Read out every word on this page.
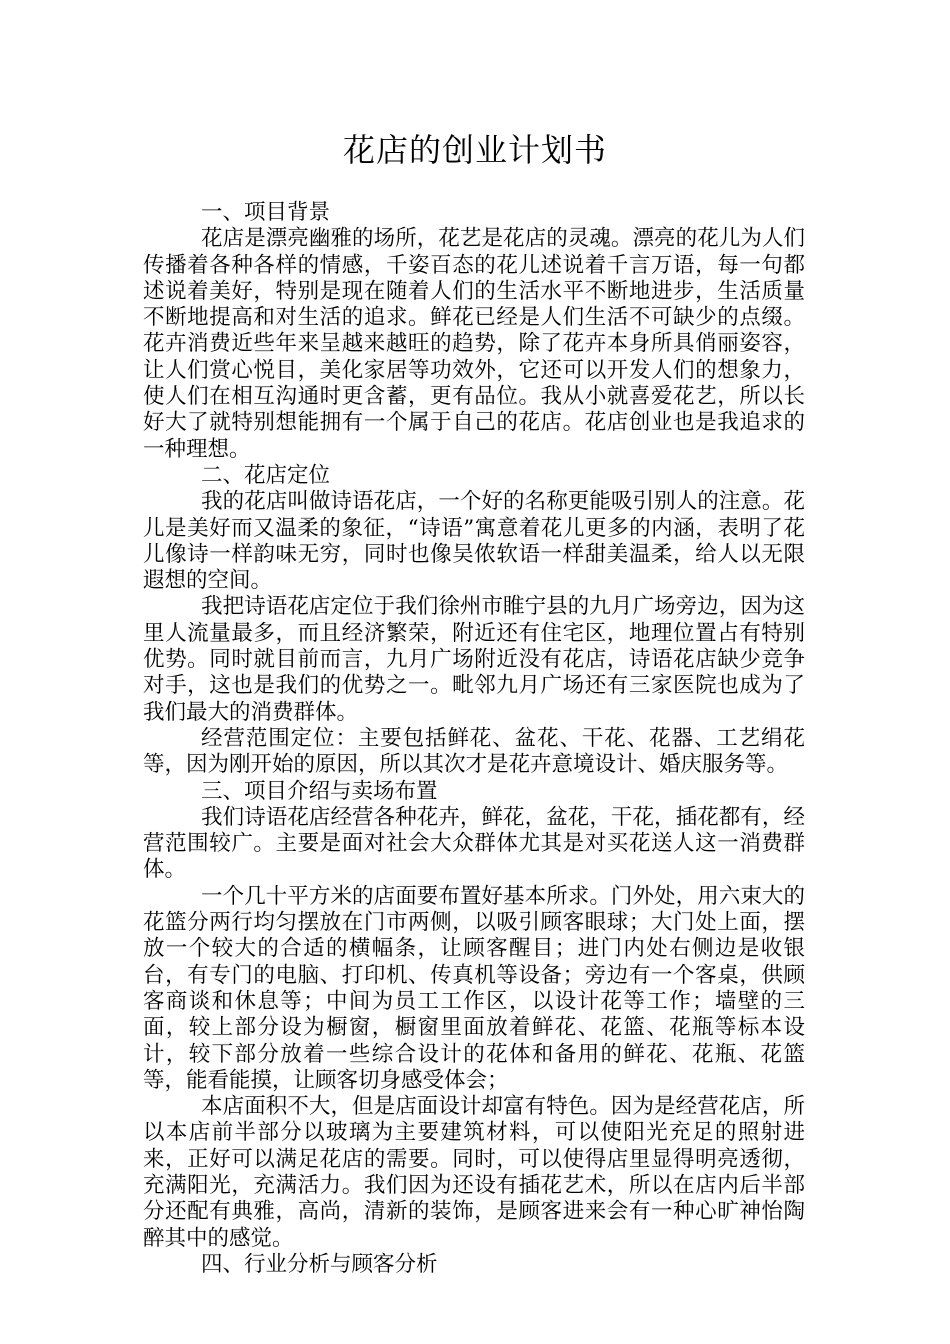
花店的创业计划书

一、项目背景

花店是漂亮幽雅的场所，花艺是花店的灵魂。漂亮的花儿为人们传播着各种各样的情感，千姿百态的花儿述说着千言万语，每一句都述说着美好，特别是现在随着人们的生活水平不断地进步，生活质量不断地提高和对生活的追求。鲜花已经是人们生活不可缺少的点缀。花卉消费近些年来呈越来越旺的趋势，除了花卉本身所具俏丽姿容，让人们赏心悦目，美化家居等功效外，它还可以开发人们的想象力，使人们在相互沟通时更含蓄，更有品位。我从小就喜爱花艺，所以长好大了就特别想能拥有一个属于自己的花店。花店创业也是我追求的一种理想。

二、花店定位

我的花店叫做诗语花店，一个好的名称更能吸引别人的注意。花儿是美好而又温柔的象征，“诗语”寓意着花儿更多的内涵，表明了花儿像诗一样韵味无穷，同时也像吴侬软语一样甜美温柔，给人以无限遐想的空间。

我把诗语花店定位于我们徐州市睢宁县的九月广场旁边，因为这里人流量最多，而且经济繁荣，附近还有住宅区，地理位置占有特别优势。同时就目前而言，九月广场附近没有花店，诗语花店缺少竞争对手，这也是我们的优势之一。毗邻九月广场还有三家医院也成为了我们最大的消费群体。

经营范围定位：主要包括鲜花、盆花、干花、花器、工艺绢花等，因为刚开始的原因，所以其次才是花卉意境设计、婚庆服务等。

三、项目介绍与卖场布置

我们诗语花店经营各种花卉，鲜花，盆花，干花，插花都有，经营范围较广。主要是面对社会大众群体尤其是对买花送人这一消费群体。

一个几十平方米的店面要布置好基本所求。门外处，用六束大的花篮分两行均匀摆放在门市两侧，以吸引顾客眼球；大门处上面，摆放一个较大的合适的横幅条，让顾客醒目；进门内处右侧边是收银台，有专门的电脑、打印机、传真机等设备；旁边有一个客桌，供顾客商谈和休息等；中间为员工工作区，以设计花等工作；墙壁的三面，较上部分设为橱窗，橱窗里面放着鲜花、花篮、花瓶等标本设计，较下部分放着一些综合设计的花体和备用的鲜花、花瓶、花篮等，能看能摸，让顾客切身感受体会；

本店面积不大，但是店面设计却富有特色。因为是经营花店，所以本店前半部分以玻璃为主要建筑材料，可以使阳光充足的照射进来，正好可以满足花店的需要。同时，可以使得店里显得明亮透彻，充满阳光，充满活力。我们因为还设有插花艺术，所以在店内后半部分还配有典雅，高尚，清新的装饰，是顾客进来会有一种心旷神怡陶醉其中的感觉。

四、行业分析与顾客分析
